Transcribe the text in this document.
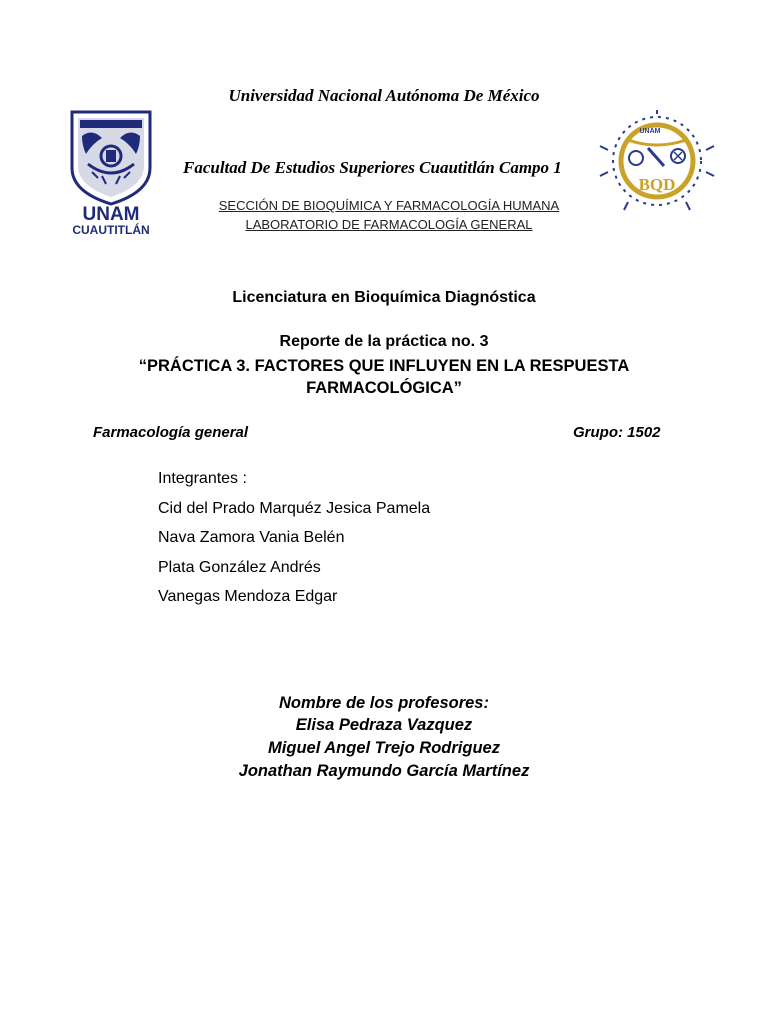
Universidad Nacional Autónoma De México
UNAM
CUAUTITLÁN
Facultad De Estudios Superiores Cuautitlán Campo 1
UNAM
BQD
SECCIÓN DE BIOQUÍMICA Y FARMACOLOGÍA HUMANA
LABORATORIO DE FARMACOLOGÍA GENERAL
Licenciatura en Bioquímica Diagnóstica
Reporte de la práctica no. 3
“PRÁCTICA 3. FACTORES QUE INFLUYEN EN LA RESPUESTA
FARMACOLÓGICA”
Farmacología general	Grupo: 1502
Integrantes :
Cid del Prado Marquéz Jesica Pamela
Nava Zamora Vania Belén
Plata González Andrés
Vanegas Mendoza Edgar
Nombre de los profesores:
Elisa Pedraza Vazquez
Miguel Angel Trejo Rodriguez
Jonathan Raymundo García Martínez
